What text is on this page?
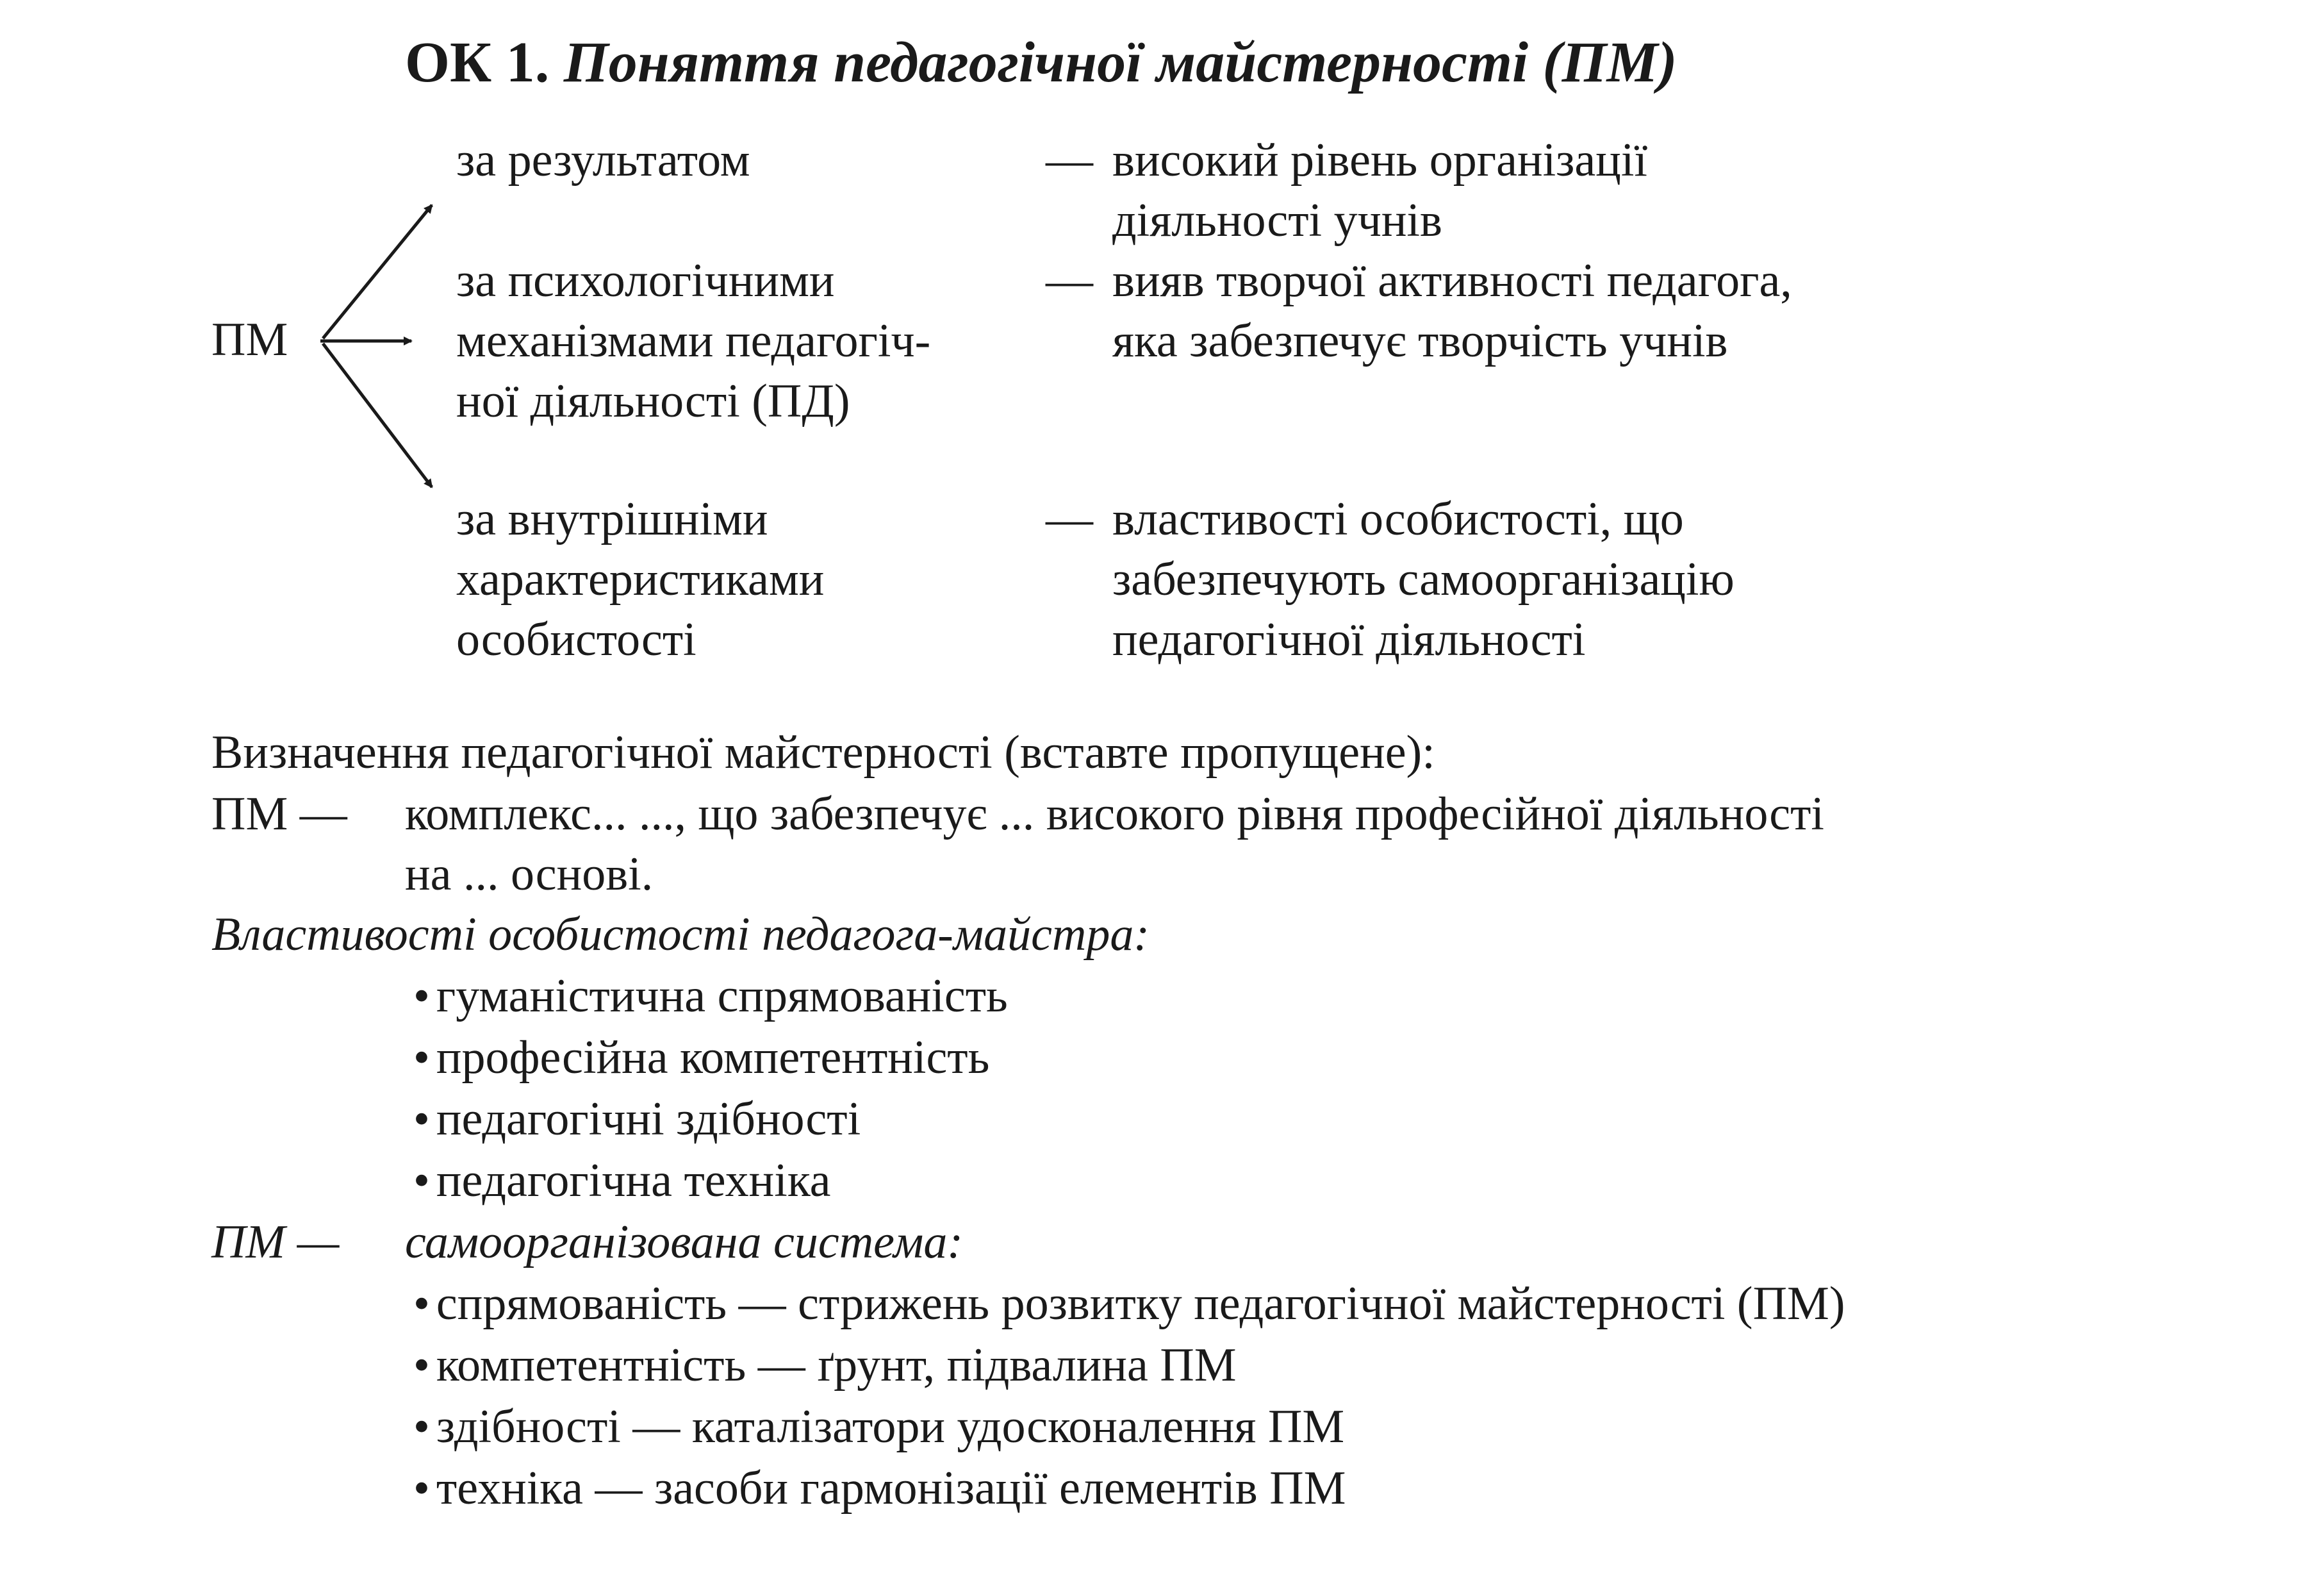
ОК 1. Поняття педагогічної майстерності (ПМ)
ПМ
за результатом	— високий рівень організації
діяльності учнів
за психологічними
механізмами педагогіч-
ної діяльності (ПД)
— вияв творчої активності педагога,
яка забезпечує творчість учнів
за внутрішніми
характеристиками
особистості
— властивості особистості, що
забезпечують самоорганізацію
педагогічної діяльності
Визначення педагогічної майстерності (вставте пропущене):
ПМ — комплекс... ..., що забезпечує ... високого рівня професійної діяльності
на ... основі.
Властивості особистості педагога-майстра:
• гуманістична спрямованість
• професійна компетентність
• педагогічні здібності
• педагогічна техніка
ПМ — самоорганізована система:
• спрямованість — стрижень розвитку педагогічної майстерності (ПМ)
• компетентність — ґрунт, підвалина ПМ
• здібності — каталізатори удосконалення ПМ
• техніка — засоби гармонізації елементів ПМ
